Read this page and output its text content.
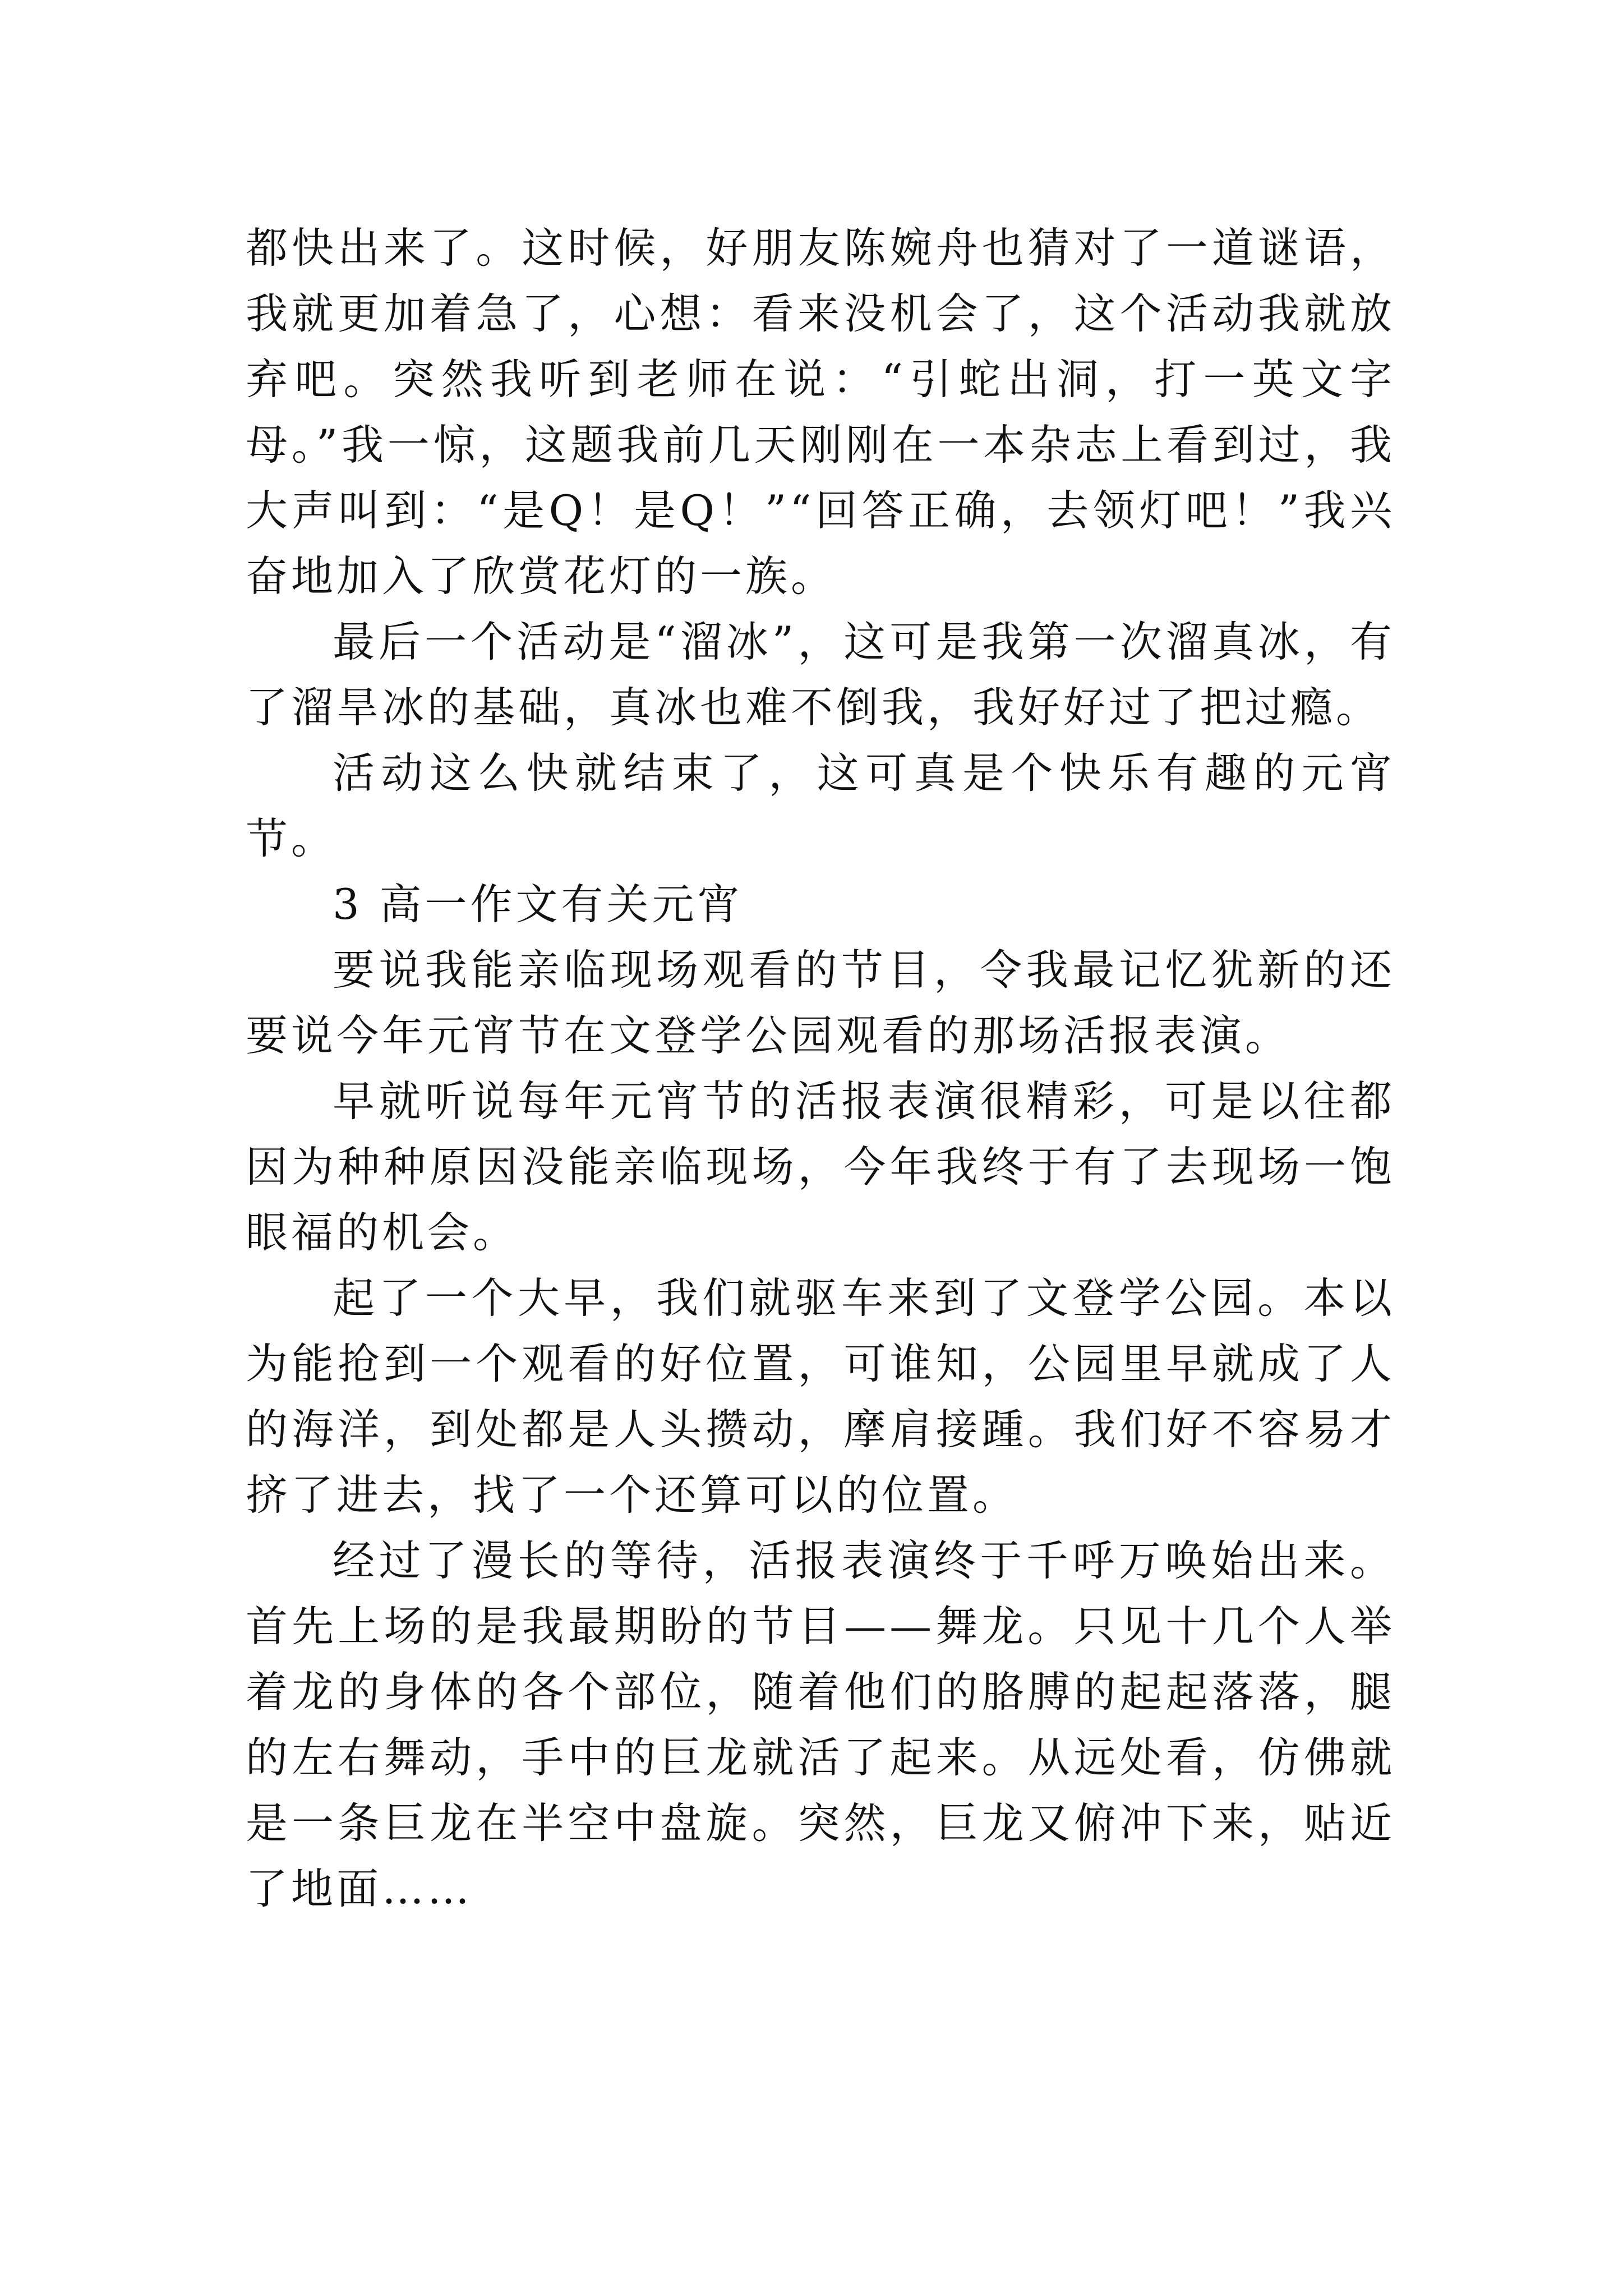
都快出来了。这时候，好朋友陈婉舟也猜对了一道谜语，我就更加着急了，心想：看来没机会了，这个活动我就放弃吧。突然我听到老师在说：“引蛇出洞，打一英文字母。”我一惊，这题我前几天刚刚在一本杂志上看到过，我大声叫到：“是Q！是Q！”“回答正确，去领灯吧！”我兴奋地加入了欣赏花灯的一族。

最后一个活动是“溜冰”，这可是我第一次溜真冰，有了溜旱冰的基础，真冰也难不倒我，我好好过了把过瘾。

活动这么快就结束了，这可真是个快乐有趣的元宵节。

3 高一作文有关元宵

要说我能亲临现场观看的节目，令我最记忆犹新的还要说今年元宵节在文登学公园观看的那场活报表演。

早就听说每年元宵节的活报表演很精彩，可是以往都因为种种原因没能亲临现场，今年我终于有了去现场一饱眼福的机会。

起了一个大早，我们就驱车来到了文登学公园。本以为能抢到一个观看的好位置，可谁知，公园里早就成了人的海洋，到处都是人头攒动，摩肩接踵。我们好不容易才挤了进去，找了一个还算可以的位置。

经过了漫长的等待，活报表演终于千呼万唤始出来。首先上场的是我最期盼的节目——舞龙。只见十几个人举着龙的身体的各个部位，随着他们的胳膊的起起落落，腿的左右舞动，手中的巨龙就活了起来。从远处看，仿佛就是一条巨龙在半空中盘旋。突然，巨龙又俯冲下来，贴近了地面……
